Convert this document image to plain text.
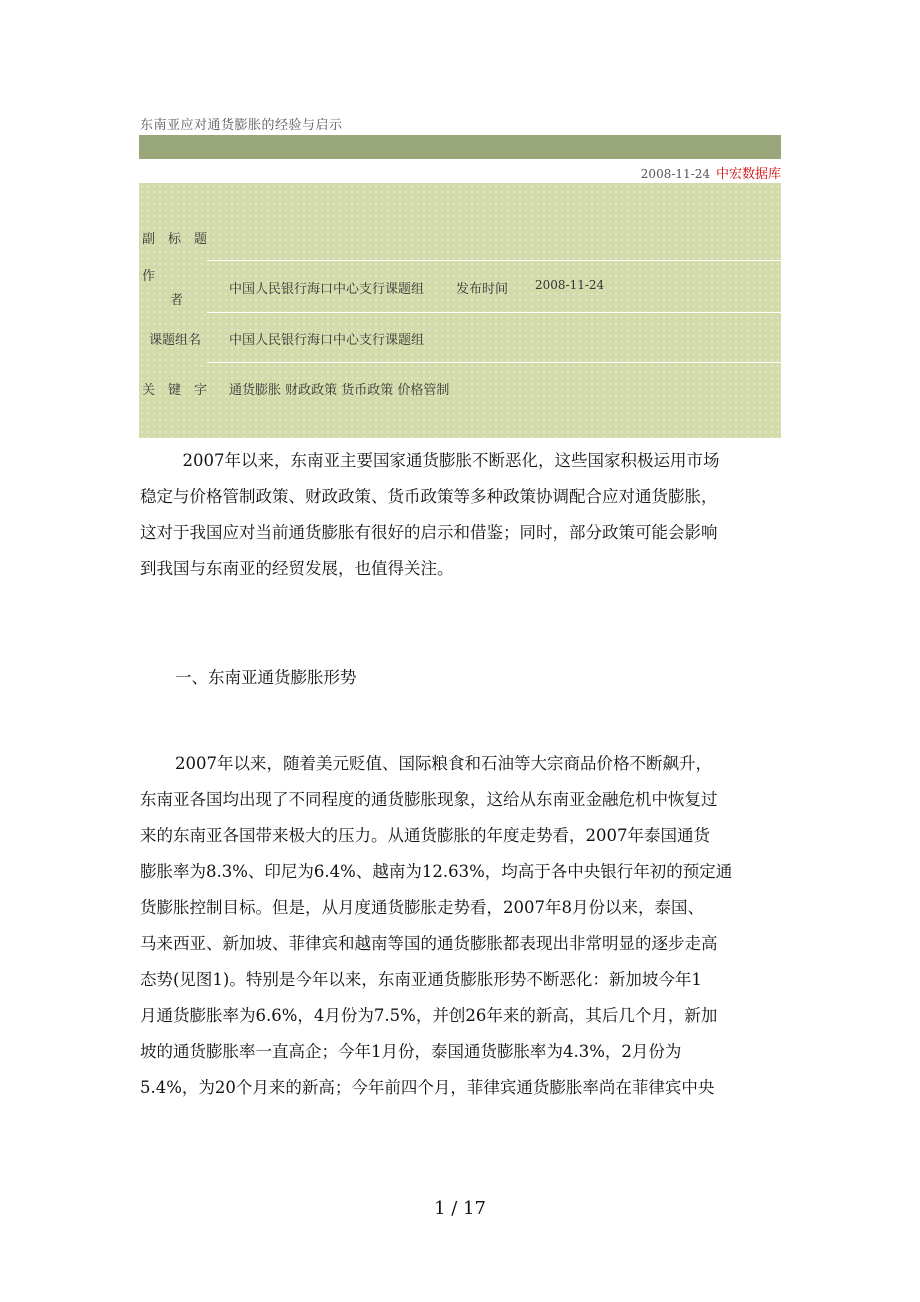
东南亚应对通货膨胀的经验与启示
2008-11-24 中宏数据库
副　标　题
作
者
中国人民银行海口中心支行课题组 发布时间 2008-11-24
课题组名 中国人民银行海口中心支行课题组
关　键　字 通货膨胀 财政政策 货币政策 价格管制
　2007年以来，东南亚主要国家通货膨胀不断恶化，这些国家积极运用市场
稳定与价格管制政策、财政政策、货币政策等多种政策协调配合应对通货膨胀，
这对于我国应对当前通货膨胀有很好的启示和借鉴；同时，部分政策可能会影响
到我国与东南亚的经贸发展，也值得关注。
一、东南亚通货膨胀形势
2007年以来，随着美元贬值、国际粮食和石油等大宗商品价格不断飙升，
东南亚各国均出现了不同程度的通货膨胀现象，这给从东南亚金融危机中恢复过
来的东南亚各国带来极大的压力。从通货膨胀的年度走势看，2007年泰国通货
膨胀率为8.3%、印尼为6.4%、越南为12.63%，均高于各中央银行年初的预定通
货膨胀控制目标。但是，从月度通货膨胀走势看，2007年8月份以来，泰国、
马来西亚、新加坡、菲律宾和越南等国的通货膨胀都表现出非常明显的逐步走高
态势(见图1)。特别是今年以来，东南亚通货膨胀形势不断恶化：新加坡今年1
月通货膨胀率为6.6%，4月份为7.5%，并创26年来的新高，其后几个月，新加
坡的通货膨胀率一直高企；今年1月份，泰国通货膨胀率为4.3%，2月份为
5.4%，为20个月来的新高；今年前四个月，菲律宾通货膨胀率尚在菲律宾中央
1 / 17
